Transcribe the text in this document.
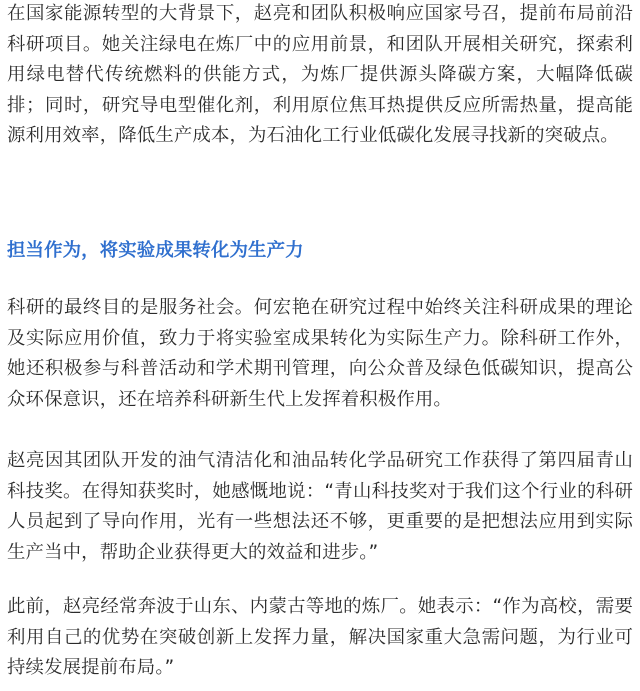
在国家能源转型的大背景下，赵亮和团队积极响应国家号召，提前布局前沿科研项目。她关注绿电在炼厂中的应用前景，和团队开展相关研究，探索利用绿电替代传统燃料的供能方式，为炼厂提供源头降碳方案，大幅降低碳排；同时，研究导电型催化剂，利用原位焦耳热提供反应所需热量，提高能源利用效率，降低生产成本，为石油化工行业低碳化发展寻找新的突破点。

担当作为，将实验成果转化为生产力

科研的最终目的是服务社会。何宏艳在研究过程中始终关注科研成果的理论及实际应用价值，致力于将实验室成果转化为实际生产力。除科研工作外，她还积极参与科普活动和学术期刊管理，向公众普及绿色低碳知识，提高公众环保意识，还在培养科研新生代上发挥着积极作用。

赵亮因其团队开发的油气清洁化和油品转化学品研究工作获得了第四届青山科技奖。在得知获奖时，她感慨地说：“青山科技奖对于我们这个行业的科研人员起到了导向作用，光有一些想法还不够，更重要的是把想法应用到实际生产当中，帮助企业获得更大的效益和进步。”

此前，赵亮经常奔波于山东、内蒙古等地的炼厂。她表示：“作为高校，需要利用自己的优势在突破创新上发挥力量，解决国家重大急需问题，为行业可持续发展提前布局。”
